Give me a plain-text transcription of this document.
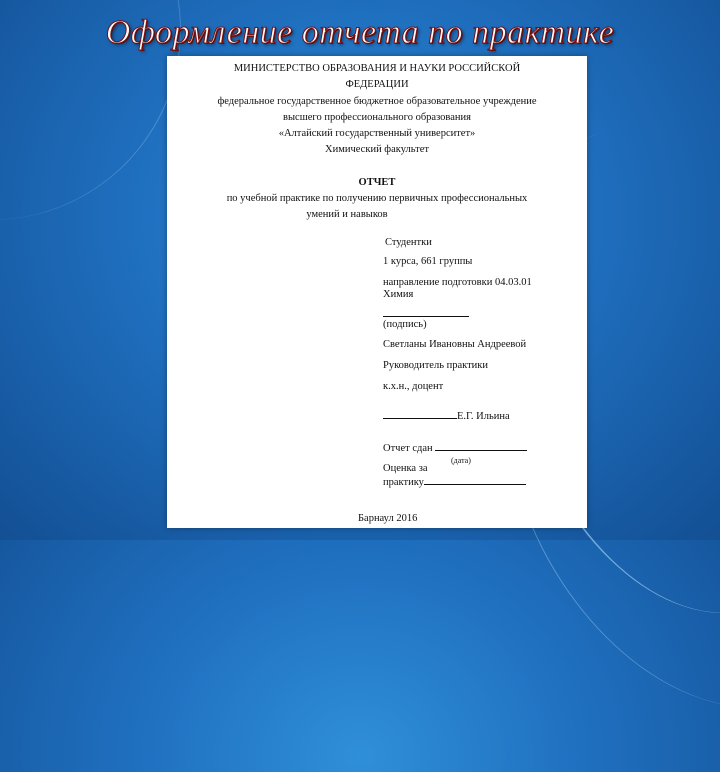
Оформление отчета по практике
МИНИСТЕРСТВО ОБРАЗОВАНИЯ И НАУКИ РОССИЙСКОЙ
ФЕДЕРАЦИИ
федеральное государственное бюджетное образовательное учреждение
высшего профессионального образования
«Алтайский государственный университет»
Химический факультет
ОТЧЕТ
по учебной практике по получению первичных профессиональных
умений и навыков
Студентки
1 курса, 661 группы
направление подготовки 04.03.01
Химия
(подпись)
Светланы Ивановны Андреевой
Руководитель практики
к.х.н., доцент
Е.Г. Ильина
Отчет сдан
(дата)
Оценка за
практику
Барнаул 2016
